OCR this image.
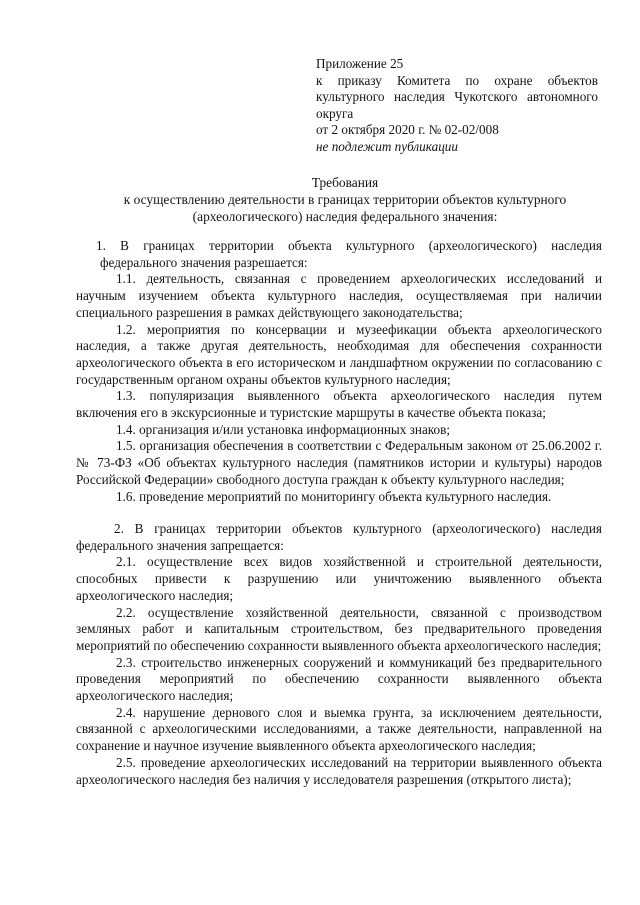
Приложение 25
к приказу Комитета по охране объектов
культурного наследия Чукотского автономного
округа
от 2 октября 2020 г. № 02-02/008
не подлежит публикации
Требования
к осуществлению деятельности в границах территории объектов культурного
(археологического) наследия федерального значения:

1. В границах территории объекта культурного (археологического) наследия федерального значения разрешается:

1.1. деятельность, связанная с проведением археологических исследований и научным изучением объекта культурного наследия, осуществляемая при наличии специального разрешения в рамках действующего законодательства;

1.2. мероприятия по консервации и музеефикации объекта археологического наследия, а также другая деятельность, необходимая для обеспечения сохранности археологического объекта в его историческом и ландшафтном окружении по согласованию с государственным органом охраны объектов культурного наследия;

1.3. популяризация выявленного объекта археологического наследия путем включения его в экскурсионные и туристские маршруты в качестве объекта показа;

1.4. организация и/или установка информационных знаков;

1.5. организация обеспечения в соответствии с Федеральным законом от 25.06.2002 г. № 73-ФЗ «Об объектах культурного наследия (памятников истории и культуры) народов Российской Федерации» свободного доступа граждан к объекту культурного наследия;

1.6. проведение мероприятий по мониторингу объекта культурного наследия.

2. В границах территории объектов культурного (археологического) наследия федерального значения запрещается:

2.1. осуществление всех видов хозяйственной и строительной деятельности, способных привести к разрушению или уничтожению выявленного объекта археологического наследия;

2.2. осуществление хозяйственной деятельности, связанной с производством земляных работ и капитальным строительством, без предварительного проведения мероприятий по обеспечению сохранности выявленного объекта археологического наследия;

2.3. строительство инженерных сооружений и коммуникаций без предварительного проведения мероприятий по обеспечению сохранности выявленного объекта археологического наследия;

2.4. нарушение дернового слоя и выемка грунта, за исключением деятельности, связанной с археологическими исследованиями, а также деятельности, направленной на сохранение и научное изучение выявленного объекта археологического наследия;

2.5. проведение археологических исследований на территории выявленного объекта археологического наследия без наличия у исследователя разрешения (открытого листа);
